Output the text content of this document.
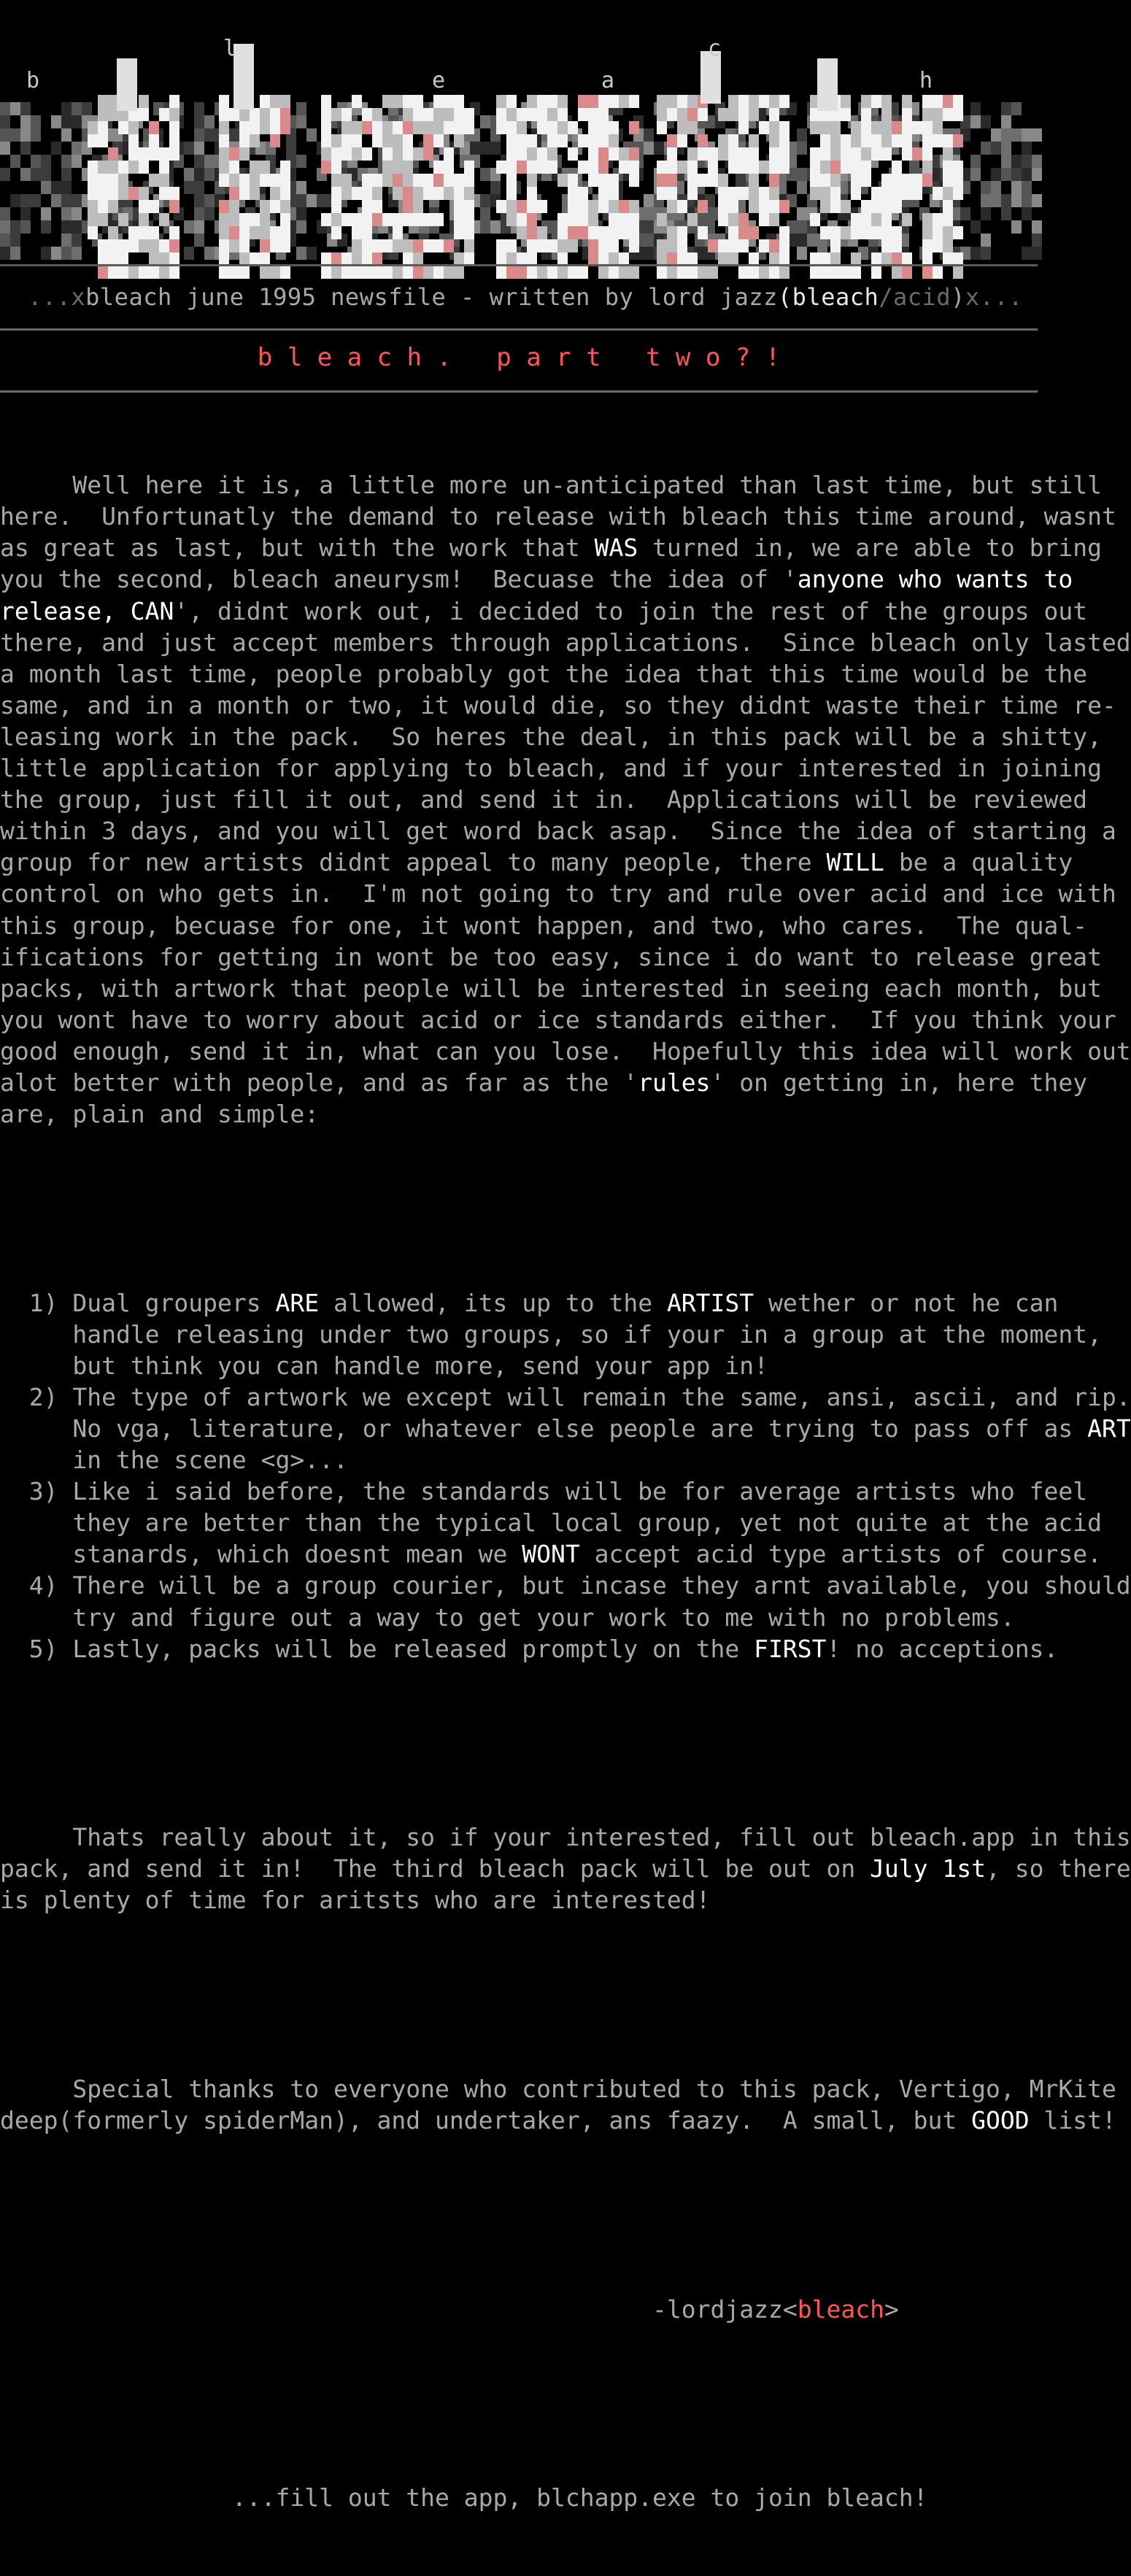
b
l
e	a
c
h
...xbleach june 1995 newsfile - written by lord jazz(bleach/acid)x...
b l e a c h .   p a r t   t w o ? !

Well here it is, a little more un-anticipated than last time, but still
here.  Unfortunatly the demand to release with bleach this time around, wasnt
as great as last, but with the work that WAS turned in, we are able to bring
you the second, bleach aneurysm!  Becuase the idea of 'anyone who wants to
release, CAN', didnt work out, i decided to join the rest of the groups out
there, and just accept members through applications.  Since bleach only lasted
a month last time, people probably got the idea that this time would be the
same, and in a month or two, it would die, so they didnt waste their time re-
leasing work in the pack.  So heres the deal, in this pack will be a shitty,
little application for applying to bleach, and if your interested in joining
the group, just fill it out, and send it in.  Applications will be reviewed
within 3 days, and you will get word back asap.  Since the idea of starting a
group for new artists didnt appeal to many people, there WILL be a quality
control on who gets in.  I'm not going to try and rule over acid and ice with
this group, becuase for one, it wont happen, and two, who cares.  The qual-
ifications for getting in wont be too easy, since i do want to release great
packs, with artwork that people will be interested in seeing each month, but
you wont have to worry about acid or ice standards either.  If you think your
good enough, send it in, what can you lose.  Hopefully this idea will work out
alot better with people, and as far as the 'rules' on getting in, here they
are, plain and simple:

1) Dual groupers ARE allowed, its up to the ARTIST wether or not he can
handle releasing under two groups, so if your in a group at the moment,
but think you can handle more, send your app in!
2) The type of artwork we except will remain the same, ansi, ascii, and rip.
No vga, literature, or whatever else people are trying to pass off as ART
in the scene <g>...
3) Like i said before, the standards will be for average artists who feel
they are better than the typical local group, yet not quite at the acid
stanards, which doesnt mean we WONT accept acid type artists of course.
4) There will be a group courier, but incase they arnt available, you should
try and figure out a way to get your work to me with no problems.
5) Lastly, packs will be released promptly on the FIRST! no acceptions.

Thats really about it, so if your interested, fill out bleach.app in this
pack, and send it in!  The third bleach pack will be out on July 1st, so there
is plenty of time for aritsts who are interested!

Special thanks to everyone who contributed to this pack, Vertigo, MrKite
deep(formerly spiderMan), and undertaker, ans faazy.  A small, but GOOD list!

-lordjazz<bleach>

...fill out the app, blchapp.exe to join bleach!
